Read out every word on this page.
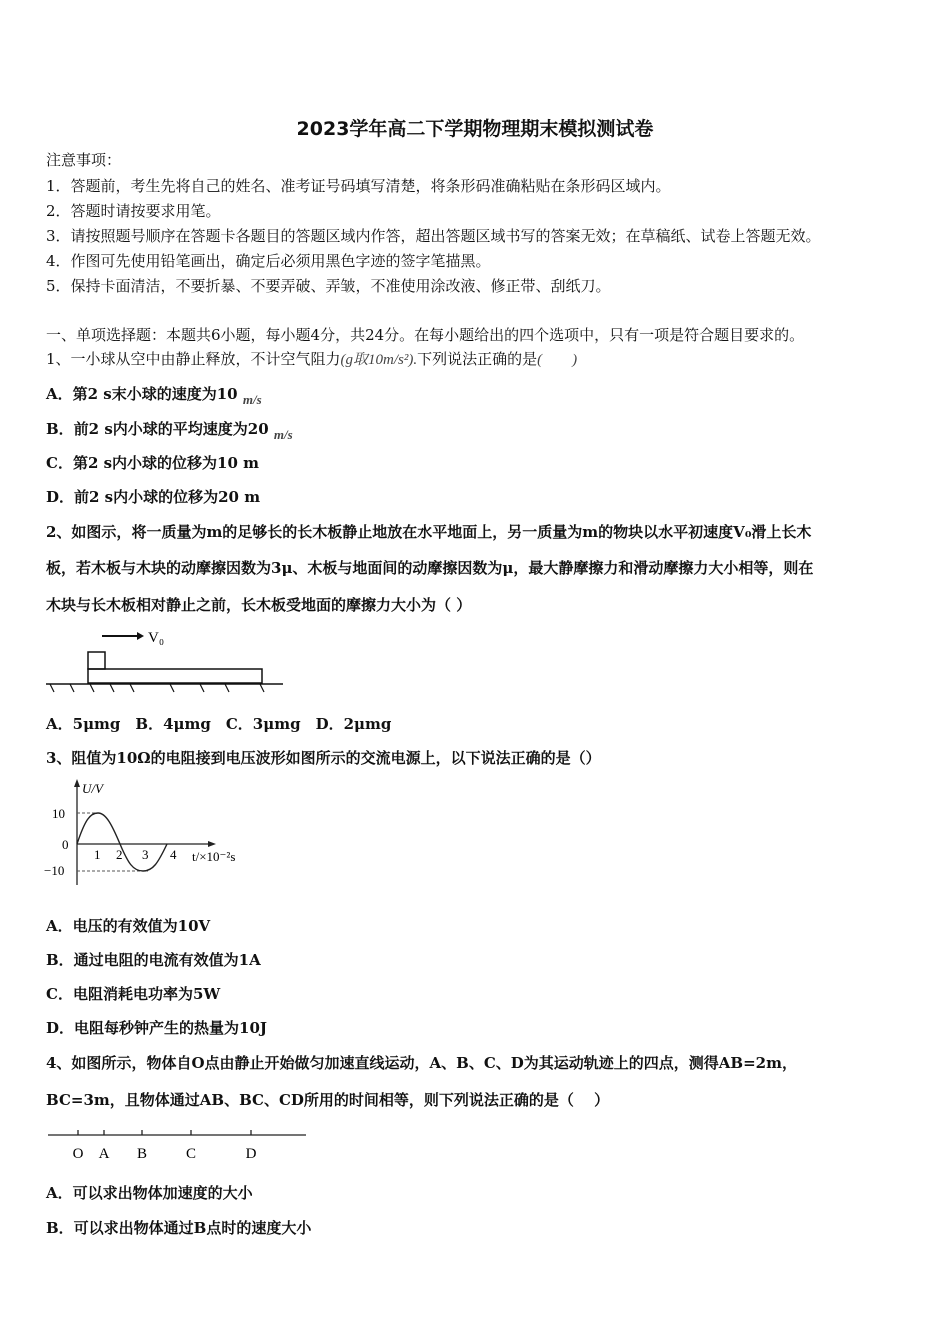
2023学年高二下学期物理期末模拟测试卷
注意事项：
1．答题前，考生先将自己的姓名、准考证号码填写清楚，将条形码准确粘贴在条形码区域内。
2．答题时请按要求用笔。
3．请按照题号顺序在答题卡各题目的答题区域内作答，超出答题区域书写的答案无效；在草稿纸、试卷上答题无效。
4．作图可先使用铅笔画出，确定后必须用黑色字迹的签字笔描黑。
5．保持卡面清洁，不要折暴、不要弄破、弄皱，不准使用涂改液、修正带、刮纸刀。
一、单项选择题：本题共6小题，每小题4分，共24分。在每小题给出的四个选项中，只有一项是符合题目要求的。
1、一小球从空中由静止释放，不计空气阻力(g取10m/s²).下列说法正确的是(　　)
A．第2 s末小球的速度为10 m/s
B．前2 s内小球的平均速度为20 m/s
C．第2 s内小球的位移为10 m
D．前2 s内小球的位移为20 m
2、如图示，将一质量为m的足够长的长木板静止地放在水平地面上，另一质量为m的物块以水平初速度V₀滑上长木
板，若木板与木块的动摩擦因数为3μ、木板与地面间的动摩擦因数为μ，最大静摩擦力和滑动摩擦力大小相等，则在
木块与长木板相对静止之前，长木板受地面的摩擦力大小为（ ）
V₀
A．5μmg　B．4μmg　C．3μmg　D．2μmg
3、阻值为10Ω的电阻接到电压波形如图所示的交流电源上，以下说法正确的是（）
U/V
10
0
−10
1 2 3 4 t/×10⁻²s
A．电压的有效值为10V
B．通过电阻的电流有效值为1A
C．电阻消耗电功率为5W
D．电阻每秒钟产生的热量为10J
4、如图所示，物体自O点由静止开始做匀加速直线运动，A、B、C、D为其运动轨迹上的四点，测得AB=2m，
BC=3m，且物体通过AB、BC、CD所用的时间相等，则下列说法正确的是（　 ）
O A B	C	D
A．可以求出物体加速度的大小
B．可以求出物体通过B点时的速度大小
